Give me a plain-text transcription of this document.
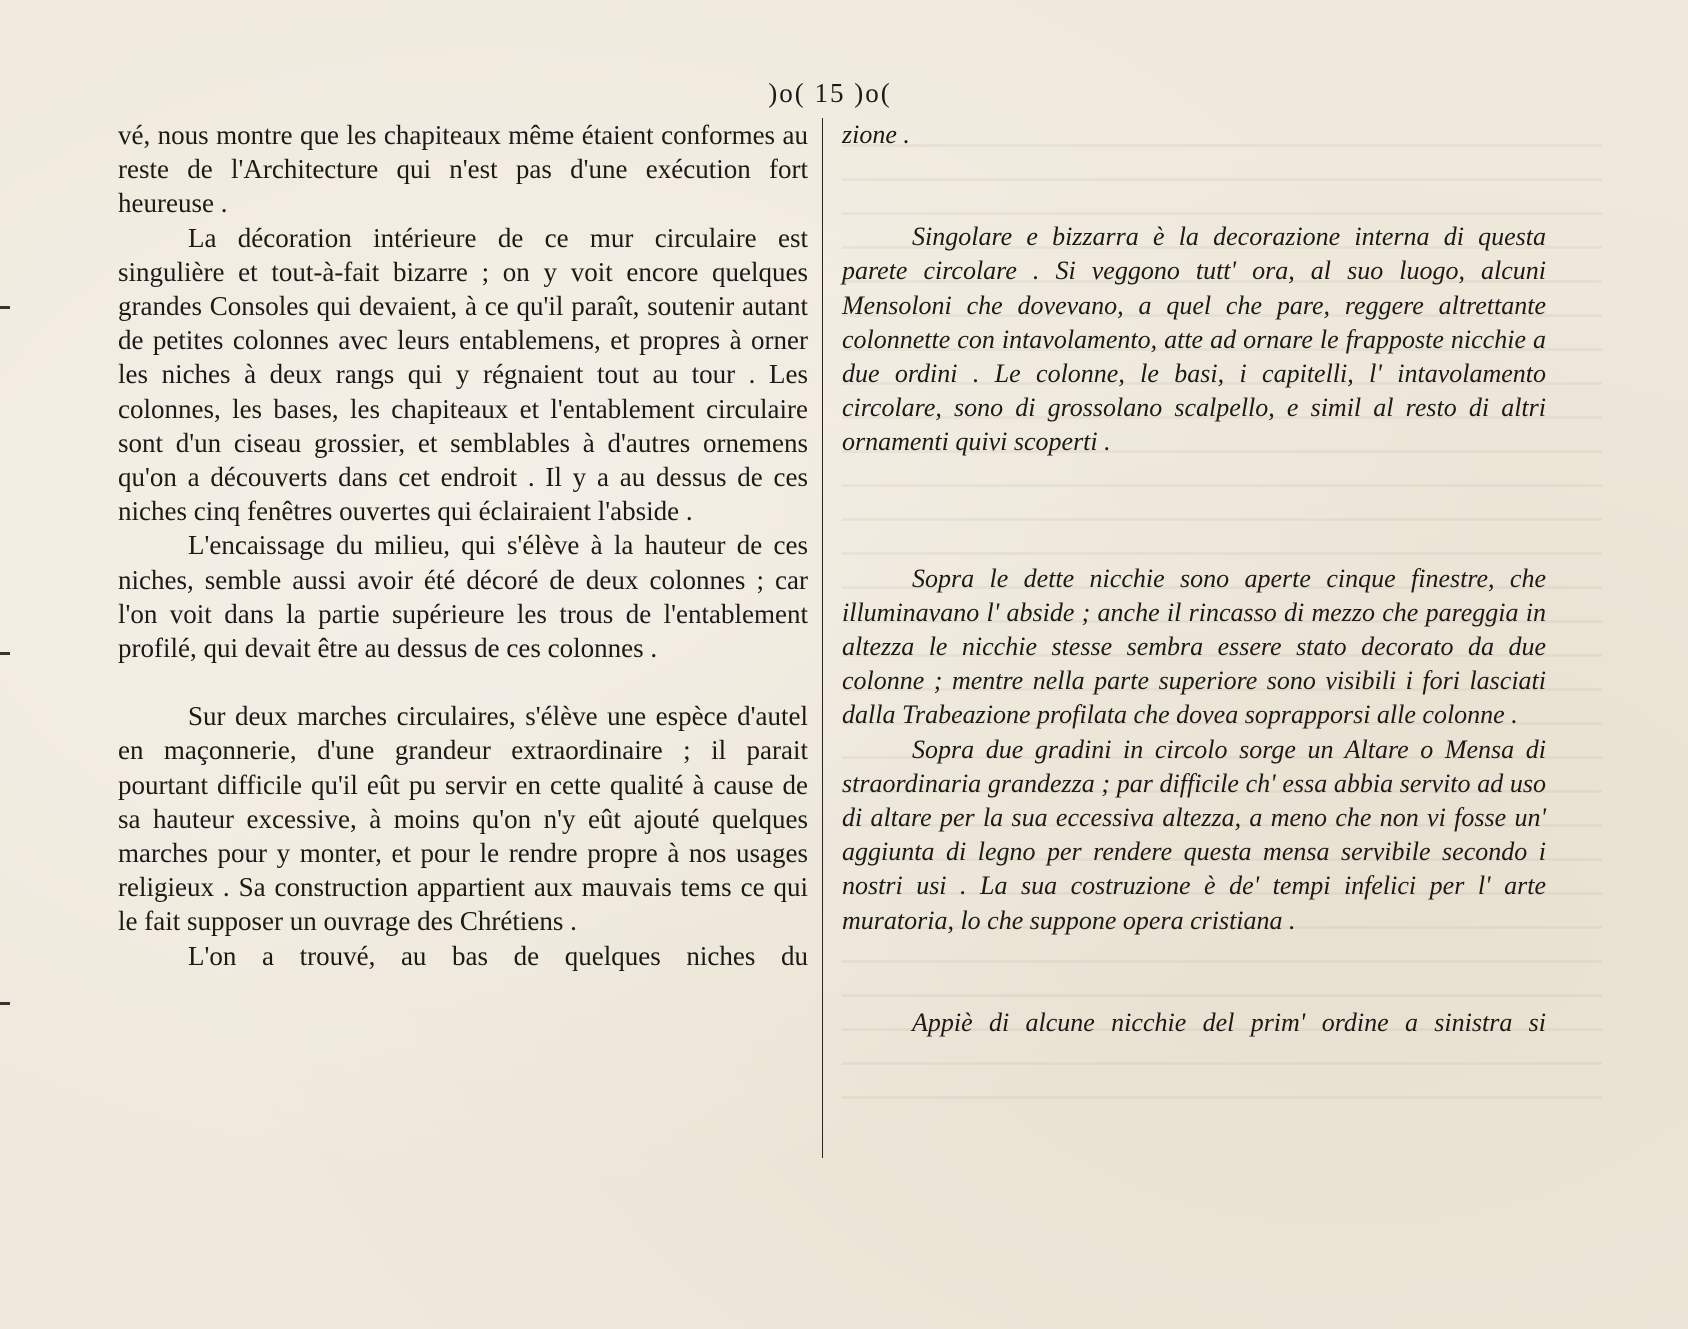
)o( 15 )o(

vé, nous montre que les chapiteaux même étaient conformes au reste de l'Architecture qui n'est pas d'une exécution fort heureuse .

La décoration intérieure de ce mur circulaire est singulière et tout-à-fait bizarre ; on y voit encore quelques grandes Consoles qui devaient, à ce qu'il paraît, soutenir autant de petites colonnes avec leurs entablemens, et propres à orner les niches à deux rangs qui y régnaient tout au tour . Les colonnes, les bases, les chapiteaux et l'entablement circulaire sont d'un ciseau grossier, et semblables à d'autres ornemens qu'on a découverts dans cet endroit . Il y a au dessus de ces niches cinq fenêtres ouvertes qui éclairaient l'abside .

L'encaissage du milieu, qui s'élève à la hauteur de ces niches, semble aussi avoir été décoré de deux colonnes ; car l'on voit dans la partie supérieure les trous de l'entablement profilé, qui devait être au dessus de ces colonnes .

Sur deux marches circulaires, s'élève une espèce d'autel en maçonnerie, d'une grandeur extraordinaire ; il parait pourtant difficile qu'il eût pu servir en cette qualité à cause de sa hauteur excessive, à moins qu'on n'y eût ajouté quelques marches pour y monter, et pour le rendre propre à nos usages religieux . Sa construction appartient aux mauvais tems ce qui le fait supposer un ouvrage des Chrétiens .

L'on a trouvé, au bas de quelques niches du

zione .

Singolare e bizzarra è la decorazione interna di questa parete circolare . Si veggono tutt' ora, al suo luogo, alcuni Mensoloni che dovevano, a quel che pare, reggere altrettante colonnette con intavolamento, atte ad ornare le frapposte nicchie a due ordini . Le colonne, le basi, i capitelli, l' intavolamento circolare, sono di grossolano scalpello, e simil al resto di altri ornamenti quivi scoperti .

Sopra le dette nicchie sono aperte cinque finestre, che illuminavano l' abside ; anche il rincasso di mezzo che pareggia in altezza le nicchie stesse sembra essere stato decorato da due colonne ; mentre nella parte superiore sono visibili i fori lasciati dalla Trabeazione profilata che dovea soprapporsi alle colonne .

Sopra due gradini in circolo sorge un Altare o Mensa di straordinaria grandezza ; par difficile ch' essa abbia servito ad uso di altare per la sua eccessiva altezza, a meno che non vi fosse un' aggiunta di legno per rendere questa mensa servibile secondo i nostri usi . La sua costruzione è de' tempi infelici per l' arte muratoria, lo che suppone opera cristiana .

Appiè di alcune nicchie del prim' ordine a sinistra si
